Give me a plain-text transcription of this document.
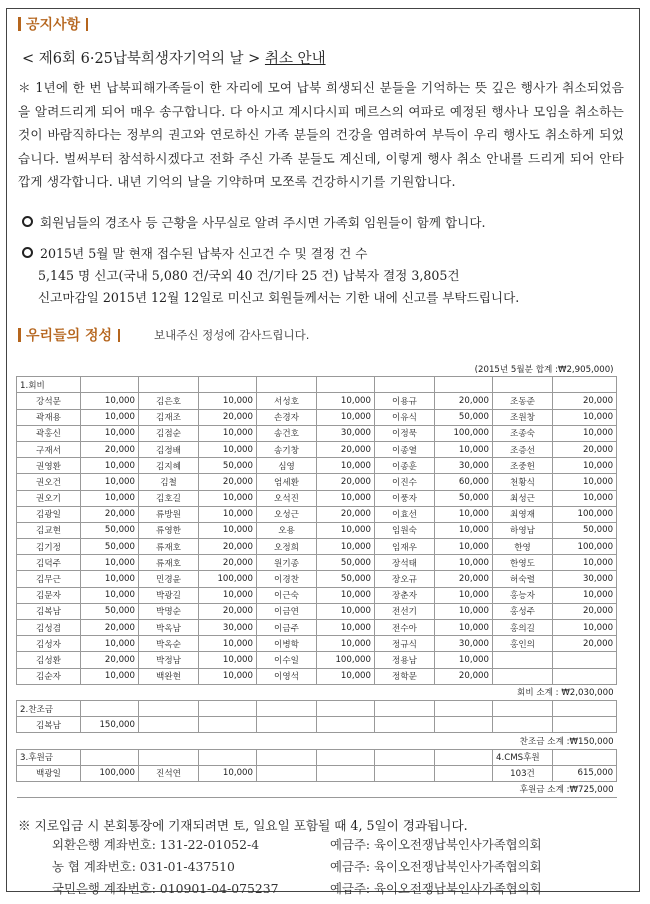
공지사항
< 제6회 6·25납북희생자기억의 날 > 취소 안내
＊ 1년에 한 번 납북피해가족들이 한 자리에 모여 납북 희생되신 분들을 기억하는 뜻 깊은 행사가 취소되었음을 알려드리게 되어 매우 송구합니다. 다 아시고 계시다시피 메르스의 여파로 예정된 행사나 모임을 취소하는 것이 바람직하다는 정부의 권고와 연로하신 가족 분들의 건강을 염려하여 부득이 우리 행사도 취소하게 되었습니다. 벌써부터 참석하시겠다고 전화 주신 가족 분들도 계신데, 이렇게 행사 취소 안내를 드리게 되어 안타깝게 생각합니다. 내년 기억의 날을 기약하며 모쪼록 건강하시기를 기원합니다.
회원님들의 경조사 등 근황을 사무실로 알려 주시면 가족회 임원들이 함께 합니다.
2015년 5월 말 현재 접수된 납북자 신고건 수 및 결정 건 수
5,145 명 신고(국내 5,080 건/국외 40 건/기타 25 건) 납북자 결정 3,805건
신고마감일 2015년 12월 12일로 미신고 회원들께서는 기한 내에 신고를 부탁드립니다.
우리들의 정성	보내주신 정성에 감사드립니다.
(2015년 5월분 합계 :₩2,905,000)									
1.회비									
강석문	10,000	김은호	10,000	서성호	10,000	이용규	20,000	조동준	20,000
곽재용	10,000	김재조	20,000	손경자	10,000	이유식	50,000	조원창	10,000
곽홍신	10,000	김점순	10,000	송건호	30,000	이정묵	100,000	조종숙	10,000
구재서	20,000	김정배	10,000	송기창	20,000	이종열	10,000	조증선	20,000
권영환	10,000	김지혜	50,000	심영	10,000	이종훈	30,000	조중헌	10,000
권오건	10,000	김철	20,000	엄세환	20,000	이진수	60,000	천황식	10,000
권오기	10,000	김호길	10,000	오석진	10,000	이풍자	50,000	최성근	10,000
김광일	20,000	류방원	10,000	오성근	20,000	이효선	10,000	최영재	100,000
김교현	50,000	류영한	10,000	오용	10,000	임원숙	10,000	하영남	50,000
김기정	50,000	류재호	20,000	오정희	10,000	임재우	10,000	한영	100,000
김덕주	10,000	류재호	20,000	원기종	50,000	장석태	10,000	한영도	10,000
김무근	10,000	민경윤	100,000	이경찬	50,000	장오규	20,000	허숙렬	30,000
김문자	10,000	박광길	10,000	이근숙	10,000	장춘자	10,000	홍능자	10,000
김복남	50,000	박명순	20,000	이금연	10,000	전선기	10,000	홍성주	20,000
김성겸	20,000	박옥남	30,000	이금주	10,000	전수아	10,000	홍의길	10,000
김성자	10,000	박옥순	10,000	이병학	10,000	정규식	30,000	홍인의	20,000
김성환	20,000	박정남	10,000	이수일	100,000	정용남	10,000		
김순자	10,000	백완현	10,000	이영석	10,000	정학문	20,000		
회비 소계 : ₩2,030,000									
2.찬조금									
김복남	150,000								
찬조금 소계 :₩150,000									
3.후원금								4.CMS후원	
백광일	100,000	진석연	10,000					103건	615,000
후원금 소계 :₩725,000									
※ 지로입금 시 본회통장에 기재되려면 토, 일요일 포함될 때 4, 5일이 경과됩니다.
외환은행 계좌번호: 131-22-01052-4	예금주: 육이오전쟁납북인사가족협의회
농 협 계좌번호: 031-01-437510	예금주: 육이오전쟁납북인사가족협의회
국민은행 계좌번호: 010901-04-075237	예금주: 육이오전쟁납북인사가족협의회
